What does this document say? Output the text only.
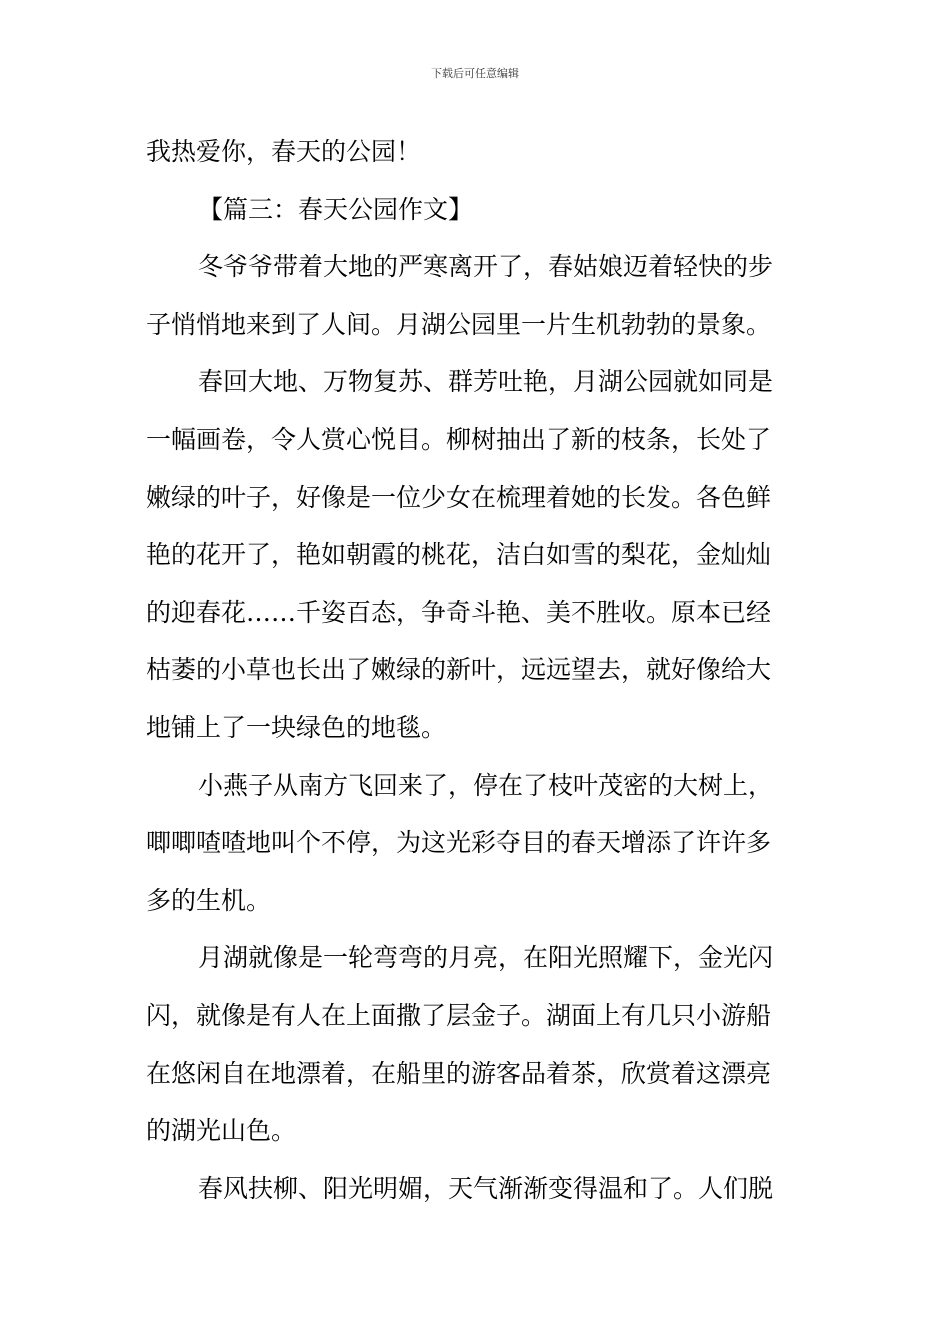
下载后可任意编辑
我热爱你，春天的公园！
【篇三：春天公园作文】
冬爷爷带着大地的严寒离开了，春姑娘迈着轻快的步
子悄悄地来到了人间。月湖公园里一片生机勃勃的景象。
春回大地、万物复苏、群芳吐艳，月湖公园就如同是
一幅画卷，令人赏心悦目。柳树抽出了新的枝条，长处了
嫩绿的叶子，好像是一位少女在梳理着她的长发。各色鲜
艳的花开了，艳如朝霞的桃花，洁白如雪的梨花，金灿灿
的迎春花……千姿百态，争奇斗艳、美不胜收。原本已经
枯萎的小草也长出了嫩绿的新叶，远远望去，就好像给大
地铺上了一块绿色的地毯。
小燕子从南方飞回来了，停在了枝叶茂密的大树上，
唧唧喳喳地叫个不停，为这光彩夺目的春天增添了许许多
多的生机。
月湖就像是一轮弯弯的月亮，在阳光照耀下，金光闪
闪，就像是有人在上面撒了层金子。湖面上有几只小游船
在悠闲自在地漂着，在船里的游客品着茶，欣赏着这漂亮
的湖光山色。
春风扶柳、阳光明媚，天气渐渐变得温和了。人们脱
